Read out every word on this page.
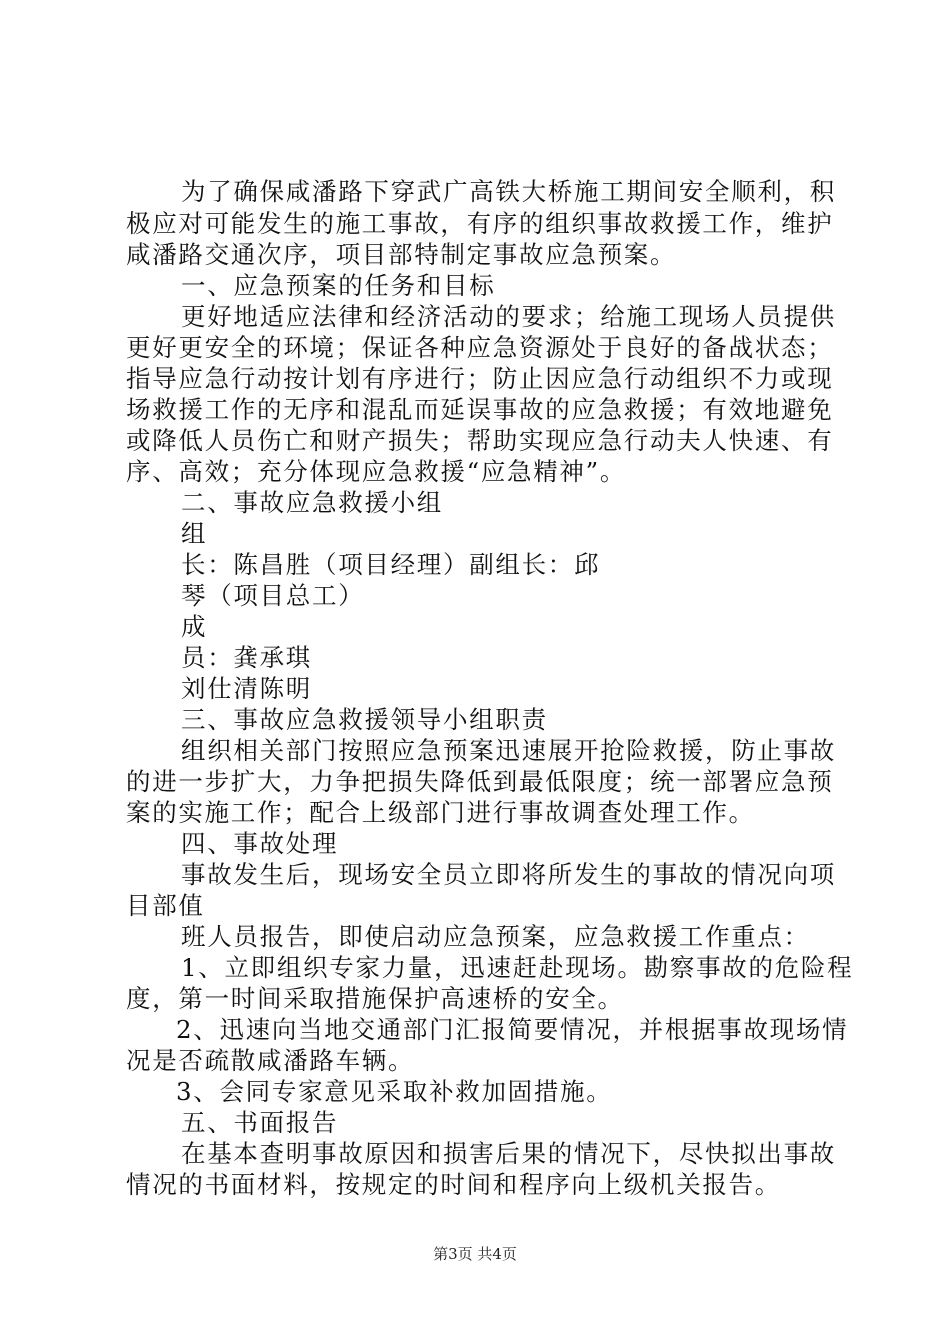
为了确保咸潘路下穿武广高铁大桥施工期间安全顺利，积
极应对可能发生的施工事故，有序的组织事故救援工作，维护
咸潘路交通次序，项目部特制定事故应急预案。
一、应急预案的任务和目标
更好地适应法律和经济活动的要求；给施工现场人员提供
更好更安全的环境；保证各种应急资源处于良好的备战状态；
指导应急行动按计划有序进行；防止因应急行动组织不力或现
场救援工作的无序和混乱而延误事故的应急救援；有效地避免
或降低人员伤亡和财产损失；帮助实现应急行动夫人快速、有
序、高效；充分体现应急救援“应急精神”。
二、事故应急救援小组
组
长：陈昌胜（项目经理）副组长：邱
琴（项目总工）
成
员：龚承琪
刘仕清陈明
三、事故应急救援领导小组职责
组织相关部门按照应急预案迅速展开抢险救援，防止事故
的进一步扩大，力争把损失降低到最低限度；统一部署应急预
案的实施工作；配合上级部门进行事故调查处理工作。
四、事故处理
事故发生后，现场安全员立即将所发生的事故的情况向项
目部值
班人员报告，即使启动应急预案，应急救援工作重点：
1、立即组织专家力量，迅速赶赴现场。勘察事故的危险程
度，第一时间采取措施保护高速桥的安全。
2、迅速向当地交通部门汇报简要情况，并根据事故现场情
况是否疏散咸潘路车辆。
3、会同专家意见采取补救加固措施。
五、书面报告
在基本查明事故原因和损害后果的情况下，尽快拟出事故
情况的书面材料，按规定的时间和程序向上级机关报告。
第3页 共4页
